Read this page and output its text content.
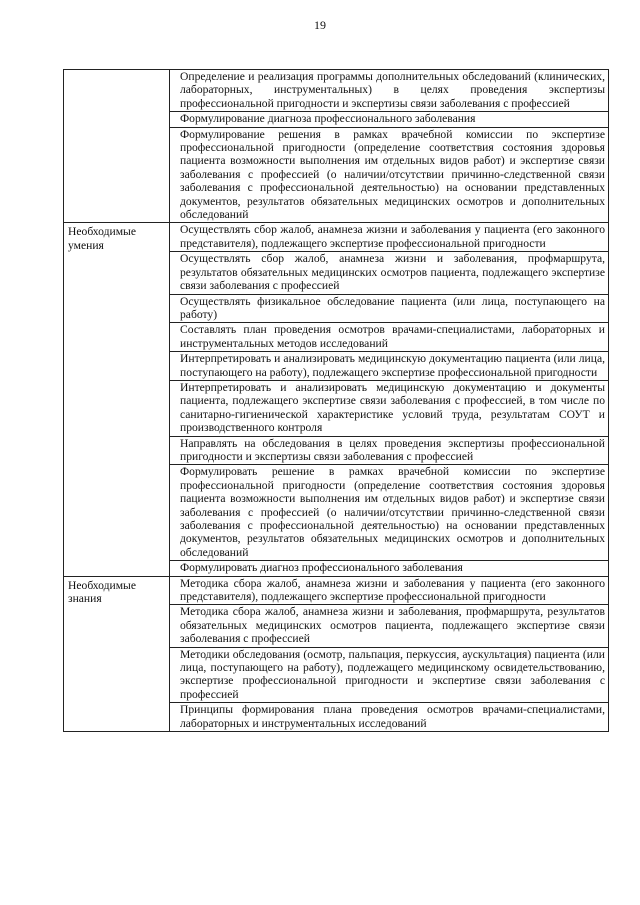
19

	Определение и реализация программы дополнительных обследований (клинических, лабораторных, инструментальных) в целях проведения экспертизы профессиональной пригодности и экспертизы связи заболевания с профессией

	Формулирование диагноза профессионального заболевания

	Формулирование решения в рамках врачебной комиссии по экспертизе профессиональной пригодности (определение соответствия состояния здоровья пациента возможности выполнения им отдельных видов работ) и экспертизе связи заболевания с профессией (о наличии/отсутствии причинно-следственной связи заболевания с профессиональной деятельностью) на основании представленных документов, результатов обязательных медицинских осмотров и дополнительных обследований

Необходимые умения	Осуществлять сбор жалоб, анамнеза жизни и заболевания у пациента (его законного представителя), подлежащего экспертизе профессиональной пригодности

	Осуществлять сбор жалоб, анамнеза жизни и заболевания, профмаршрута, результатов обязательных медицинских осмотров пациента, подлежащего экспертизе связи заболевания с профессией

	Осуществлять физикальное обследование пациента (или лица, поступающего на работу)

	Составлять план проведения осмотров врачами-специалистами, лабораторных и инструментальных методов исследований

	Интерпретировать и анализировать медицинскую документацию пациента (или лица, поступающего на работу), подлежащего экспертизе профессиональной пригодности

	Интерпретировать и анализировать медицинскую документацию и документы пациента, подлежащего экспертизе связи заболевания с профессией, в том числе по санитарно-гигиенической характеристике условий труда, результатам СОУТ и производственного контроля

	Направлять на обследования в целях проведения экспертизы профессиональной пригодности и экспертизы связи заболевания с профессией

	Формулировать решение в рамках врачебной комиссии по экспертизе профессиональной пригодности (определение соответствия состояния здоровья пациента возможности выполнения им отдельных видов работ) и экспертизе связи заболевания с профессией (о наличии/отсутствии причинно-следственной связи заболевания с профессиональной деятельностью) на основании представленных документов, результатов обязательных медицинских осмотров и дополнительных обследований

	Формулировать диагноз профессионального заболевания

Необходимые знания	Методика сбора жалоб, анамнеза жизни и заболевания у пациента (его законного представителя), подлежащего экспертизе профессиональной пригодности

	Методика сбора жалоб, анамнеза жизни и заболевания, профмаршрута, результатов обязательных медицинских осмотров пациента, подлежащего экспертизе связи заболевания с профессией

	Методики обследования (осмотр, пальпация, перкуссия, аускультация) пациента (или лица, поступающего на работу), подлежащего медицинскому освидетельствованию, экспертизе профессиональной пригодности и экспертизе связи заболевания с профессией

	Принципы формирования плана проведения осмотров врачами-специалистами, лабораторных и инструментальных исследований
